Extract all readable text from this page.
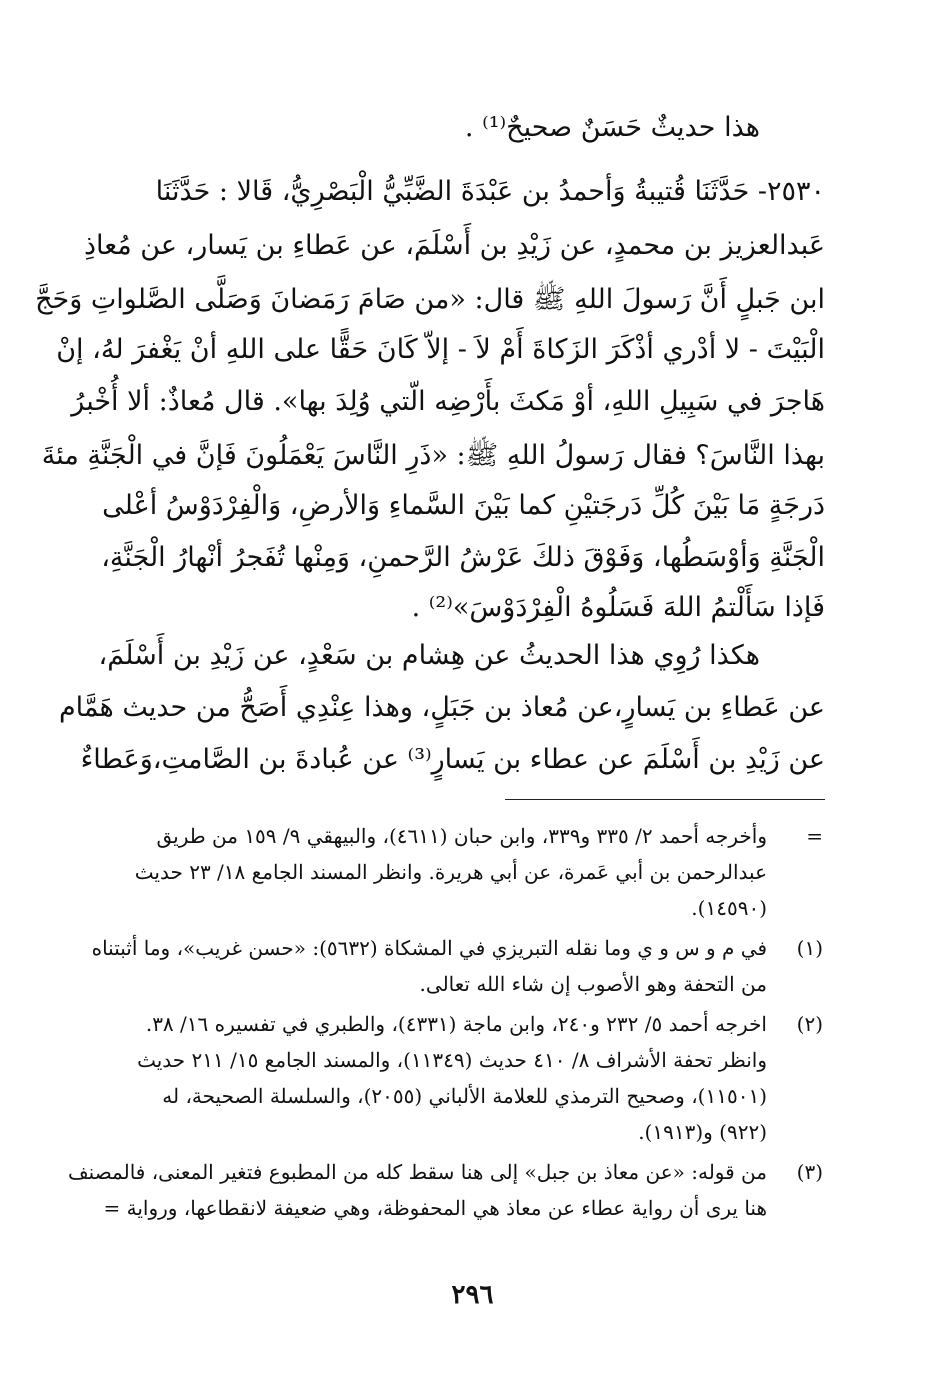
هذا حديثٌ حَسَنٌ صحيحٌ⁽¹⁾ .
٢٥٣٠- حَدَّثَنَا قُتيبةُ وَأحمدُ بن عَبْدَةَ الضَّبِّيُّ الْبَصْرِيُّ، قَالا : حَدَّثَنَا
عَبدالعزيز بن محمدٍ، عن زَيْدِ بن أَسْلَمَ، عن عَطاءِ بن يَسار، عن مُعاذِ
ابن جَبلٍ أَنَّ رَسولَ اللهِ ﷺ قال: «من صَامَ رَمَضانَ وَصَلَّى الصَّلواتِ وَحَجَّ
الْبَيْتَ - لا أدْري أذْكَرَ الزَكاةَ أَمْ لاَ - إلاّ كَانَ حَقًّا على اللهِ أنْ يَغْفرَ لهُ، إنْ
هَاجرَ في سَبِيلِ اللهِ، أوْ مَكثَ بأَرْضِه الّتي وُلِدَ بها». قال مُعاذٌ: ألا أُخْبرُ
بهذا النَّاسَ؟ فقال رَسولُ اللهِ ﷺ: «ذَرِ النَّاسَ يَعْمَلُونَ فَإنَّ في الْجَنَّةِ مئةَ
دَرجَةٍ مَا بَيْنَ كُلِّ دَرجَتيْنِ كما بَيْنَ السَّماءِ وَالأرضِ، وَالْفِرْدَوْسُ أعْلى
الْجَنَّةِ وَأوْسَطُها، وَفَوْقَ ذلكَ عَرْشُ الرَّحمنِ، وَمِنْها تُفَجرُ أنْهارُ الْجَنَّةِ،
فَإذا سَأَلْتمُ اللهَ فَسَلُوهُ الْفِرْدَوْسَ»⁽²⁾ .
هكذا رُوِي هذا الحديثُ عن هِشام بن سَعْدٍ، عن زَيْدِ بن أَسْلَمَ،
عن عَطاءِ بن يَسارٍ،عن مُعاذ بن جَبَلٍ، وهذا عِنْدِي أَصَحُّ من حديث هَمَّام
عن زَيْدِ بن أَسْلَمَ عن عطاء بن يَسارٍ⁽³⁾ عن عُبادةَ بن الصَّامتِ،وَعَطاءٌ
=
وأخرجه أحمد ٢/ ٣٣٥ و٣٣٩، وابن حبان (٤٦١١)، والبيهقي ٩/ ١٥٩ من طريق
عبدالرحمن بن أبي عَمرة، عن أبي هريرة. وانظر المسند الجامع ١٨/ ٢٣ حديث
(١٤٥٩٠).
(١)
في م و س و ي وما نقله التبريزي في المشكاة (٥٦٣٢): «حسن غريب»، وما أثبتناه
من التحفة وهو الأصوب إن شاء الله تعالى.
(٢)
اخرجه أحمد ٥/ ٢٣٢ و٢٤٠، وابن ماجة (٤٣٣١)، والطبري في تفسيره ١٦/ ٣٨.
وانظر تحفة الأشراف ٨/ ٤١٠ حديث (١١٣٤٩)، والمسند الجامع ١٥/ ٢١١ حديث
(١١٥٠١)، وصحيح الترمذي للعلامة الألباني (٢٠٥٥)، والسلسلة الصحيحة، له
(٩٢٢) و(١٩١٣).
(٣)
من قوله: «عن معاذ بن جبل» إلى هنا سقط كله من المطبوع فتغير المعنى، فالمصنف
هنا يرى أن رواية عطاء عن معاذ هي المحفوظة، وهي ضعيفة لانقطاعها، ورواية =
٢٩٦
